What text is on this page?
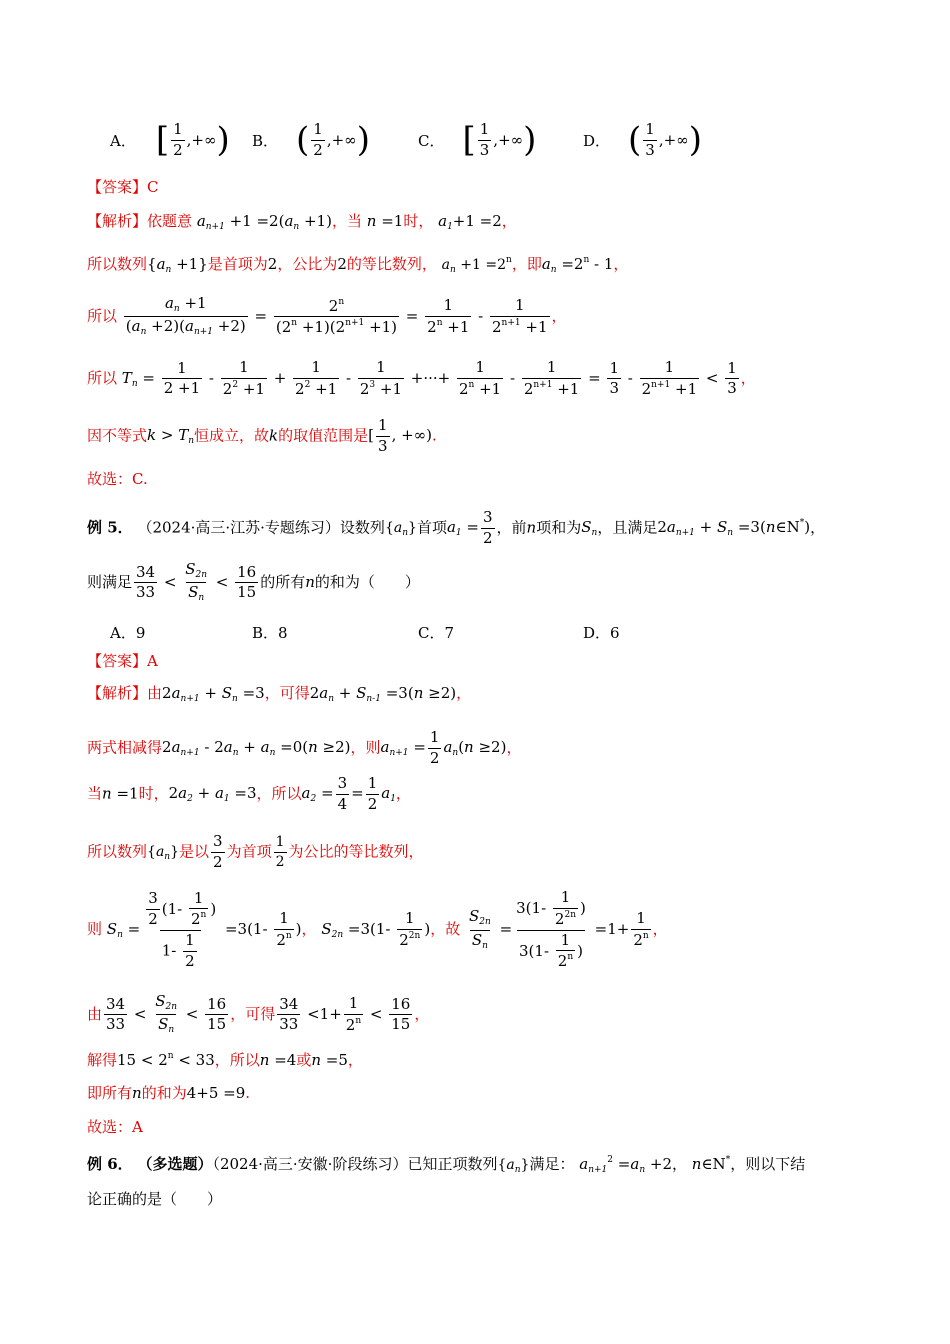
A． [ $\frac{1}{2}$ ,+∞ ) B． ( $\frac{1}{2}$ ,+∞ )	C． [ $\frac{1}{3}$ ,+∞ )	D． ( $\frac{1}{3}$ ,+∞ )
【答案】C
【解析】依题意 $a_{n+1} +1 =2(a_n +1)$，当 n =1时， $a_1+1 =2$，
所以数列$\{a_n +1\}$是首项为2，公比为2的等比数列， $a_n +1 =2^n$，即$a_n =2^n - 1$，
所以 $\frac{a_n +1}{(a_n +2)(a_{n+1} +2)} = \frac{2^n}{(2^n +1)(2^{n+1} +1)} = \frac{1}{2^n +1} - \frac{1}{2^{n+1} +1}$ ，
所以 $T_n = \frac{1}{2 +1} - \frac{1}{2^2 +1} + \frac{1}{2^2 +1} - \frac{1}{2^3 +1}$ +···+ $\frac{1}{2^n +1} - \frac{1}{2^{n+1} +1} = \frac{1}{3} - \frac{1}{2^{n+1} +1} < \frac{1}{3}$ ，
因不等式$k > T_n$恒成立，故k的取值范围是[ $\frac{1}{3}$ , +∞).
故选：C.
例 5． （2024·高三·江苏·专题练习）设数列$\{a_n\}$首项$a_1 = \frac{3}{2}$ ，前n项和为$S_n$，且满足$2a_{n+1} + S_n$ =3(n∈N*)，
则满足 $\frac{34}{33} < \frac{S_{2n}}{S_n} < \frac{16}{15}$ 的所有n的和为（　　）
A． 9	B． 8	C． 7	D． 6
【答案】A
【解析】由$2a_{n+1} + S_n =3$，可得$2a_n + S_{n-1} =3(n \ge 2)$，
两式相减得$2a_{n+1} - 2a_n + a_n =0(n \ge 2)$，则$a_{n+1} = \frac{1}{2} a_n(n \ge 2)$，
当n =1时，$2a_2 + a_1 =3$，所以$a_2 = \frac{3}{4} = \frac{1}{2} a_1$，
所以数列$\{a_n\}$是以 $\frac{3}{2}$ 为首项 $\frac{1}{2}$ 为公比的等比数列，
则 $S_n = \frac{\frac{3}{2} (1- \frac{1}{2^n} )}{1- \frac{1}{2}} =3(1- \frac{1}{2^n}$ )， $S_{2n} =3(1- \frac{1}{2^{2n}}$ )，故 $\frac{S_{2n}}{S_n} = \frac{3(1- \frac{1}{2^{2n}} )}{3(1- \frac{1}{2^n} )} =1+ \frac{1}{2^n}$ ，
由 $\frac{34}{33} < \frac{S_{2n}}{S_n} < \frac{16}{15}$ ，可得 $\frac{34}{33} <1+ \frac{1}{2^n} < \frac{16}{15}$ ，
解得$15 < 2^n < 33$，所以n =4或n =5，
即所有n的和为4+5 =9.
故选：A
例 6． （多选题）（2024·高三·安徽·阶段练习）已知正项数列$\{a_n\}$满足： $a_{n+1}^2 =a_n +2$， n∈N*，则以下结
论正确的是（　　）
